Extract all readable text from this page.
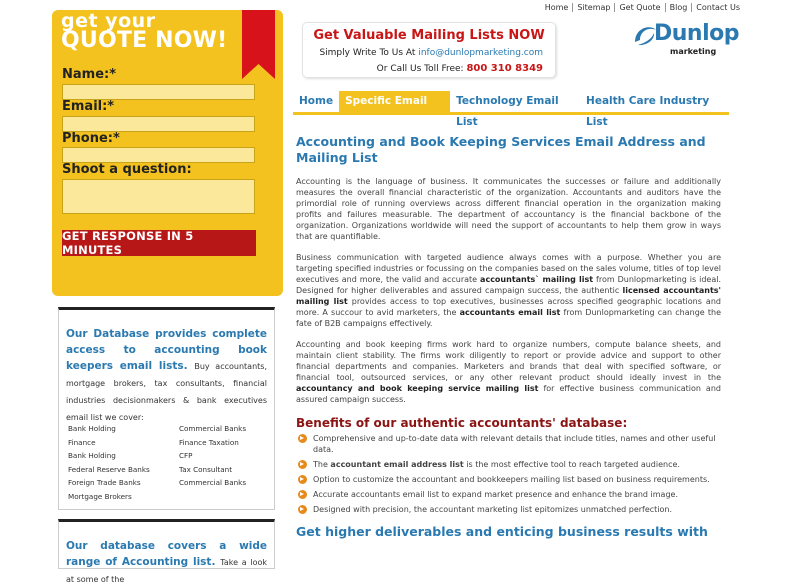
Home	Sitemap	Get Quote	Blog	Contact Us
get your
QUOTE NOW!
Name:*
Email:*
Phone:*
Shoot a question:
GET RESPONSE IN 5 MINUTES
Our Database provides complete access to accounting book keepers email lists. Buy accountants, mortgage brokers, tax consultants, financial industries decisionmakers & bank executives email list we cover:
Bank Holding	Commercial Banks
Finance	Finance Taxation
Bank Holding	CFP
Federal Reserve Banks	Tax Consultant
Foreign Trade Banks	Commercial Banks
Mortgage Brokers
Our database covers a wide range of Accounting list. Take a look at some of the
Get Valuable Mailing Lists NOW
Simply Write To Us At info@dunlopmarketing.com
Or Call Us Toll Free: 800 310 8349
Dunlop
marketing
Home	Specific Email List
Technology Email List
Health Care Industry List
Accounting and Book Keeping Services Email Address and Mailing List

Accounting is the language of business. It communicates the successes or failure and additionally measures the overall financial characteristic of the organization. Accountants and auditors have the primordial role of running overviews across different financial operation in the organization making profits and failures measurable. The department of accountancy is the financial backbone of the organization. Organizations worldwide will need the support of accountants to help them grow in ways that are quantifiable.

Business communication with targeted audience always comes with a purpose. Whether you are targeting specified industries or focussing on the companies based on the sales volume, titles of top level executives and more, the valid and accurate accountants` mailing list from Dunlopmarketing is ideal. Designed for higher deliverables and assured campaign success, the authentic licensed accountants' mailing list provides access to top executives, businesses across specified geographic locations and more. A succour to avid marketers, the accountants email list from Dunlopmarketing can change the fate of B2B campaigns effectively.

Accounting and book keeping firms work hard to organize numbers, compute balance sheets, and maintain client stability. The firms work diligently to report or provide advice and support to other financial departments and companies. Marketers and brands that deal with specified software, or financial tool, outsourced services, or any other relevant product should ideally invest in the accountancy and book keeping service mailing list for effective business communication and assured campaign success.

Benefits of our authentic accountants' database:
Comprehensive and up-to-date data with relevant details that include titles, names and other useful data.
The accountant email address list is the most effective tool to reach targeted audience.
Option to customize the accountant and bookkeepers mailing list based on business requirements.
Accurate accountants email list to expand market presence and enhance the brand image.
Designed with precision, the accountant marketing list epitomizes unmatched perfection.
Get higher deliverables and enticing business results with
